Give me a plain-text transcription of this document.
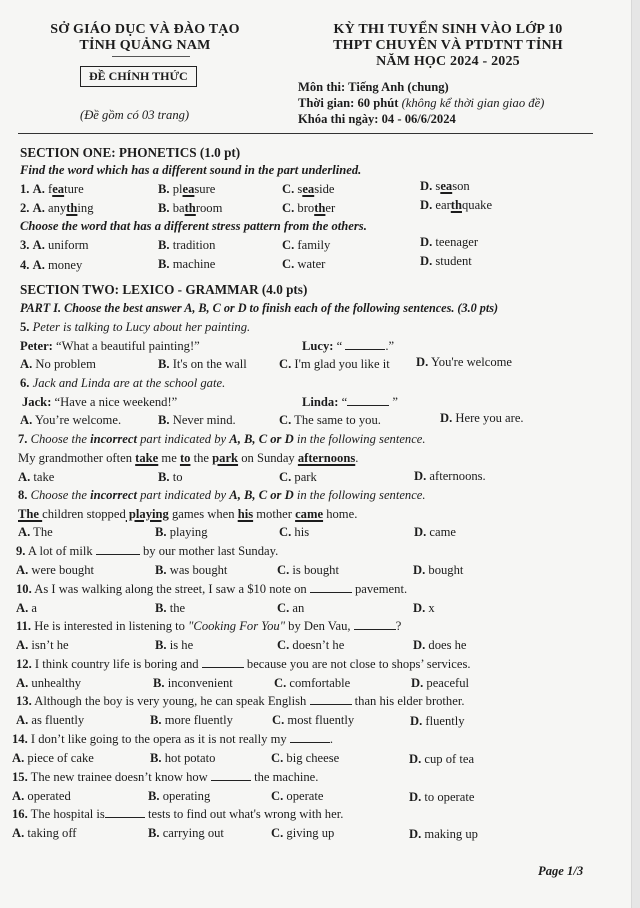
SỞ GIÁO DỤC VÀ ĐÀO TẠO
TỈNH QUẢNG NAM
ĐỀ CHÍNH THỨC
(Đề gồm có 03 trang)
KỲ THI TUYỂN SINH VÀO LỚP 10
THPT CHUYÊN VÀ PTDTNT TỈNH
NĂM HỌC 2024 - 2025
Môn thi: Tiếng Anh (chung)
Thời gian: 60 phút (không kể thời gian giao đề)
Khóa thi ngày: 04 - 06/6/2024
SECTION ONE: PHONETICS (1.0 pt)
Find the word which has a different sound in the part underlined.
1. A. feature	B. pleasure	C. seaside	D. season
2. A. anything	B. bathroom	C. brother	D. earthquake
Choose the word that has a different stress pattern from the others.
3. A. uniform	B. tradition	C. family	D. teenager
4. A. money	B. machine	C. water	D. student
SECTION TWO: LEXICO - GRAMMAR (4.0 pts)
PART I. Choose the best answer A, B, C or D to finish each of the following sentences. (3.0 pts)
5. Peter is talking to Lucy about her painting.
Peter: “What a beautiful painting!”	Lucy: “	.”
A. No problem	B. It's on the wall	C. I'm glad you like it D. You're welcome
6. Jack and Linda are at the school gate.
Jack: “Have a nice weekend!”	Linda: “	”
A. You’re welcome.	B. Never mind.	C. The same to you.	D. Here you are.
7. Choose the incorrect part indicated by A, B, C or D in the following sentence.
My grandmother often take me to the park on Sunday afternoons.
A. take	B. to	C. park	D. afternoons.
8. Choose the incorrect part indicated by A, B, C or D in the following sentence.
The children stopped playing games when his mother came home.
A. The	B. playing	C. his	D. came
9. A lot of milk	by our mother last Sunday.
A. were bought	B. was bought	C. is bought	D. bought
10. As I was walking along the street, I saw a $10 note on	pavement.
A. a	B. the	C. an	D. x
11. He is interested in listening to "Cooking For You" by Den Vau,	?
A. isn’t he	B. is he	C. doesn’t he	D. does he
12. I think country life is boring and	because you are not close to shops’ services.
A. unhealthy	B. inconvenient	C. comfortable	D. peaceful
13. Although the boy is very young, he can speak English	than his elder brother.
A. as fluently	B. more fluently	C. most fluently	D. fluently
14. I don’t like going to the opera as it is not really my	.
A. piece of cake	B. hot potato	C. big cheese	D. cup of tea
15. The new trainee doesn’t know how	the machine.
A. operated	B. operating	C. operate	D. to operate
16. The hospital is	tests to find out what's wrong with her.
A. taking off	B. carrying out	C. giving up	D. making up
Page 1/3
